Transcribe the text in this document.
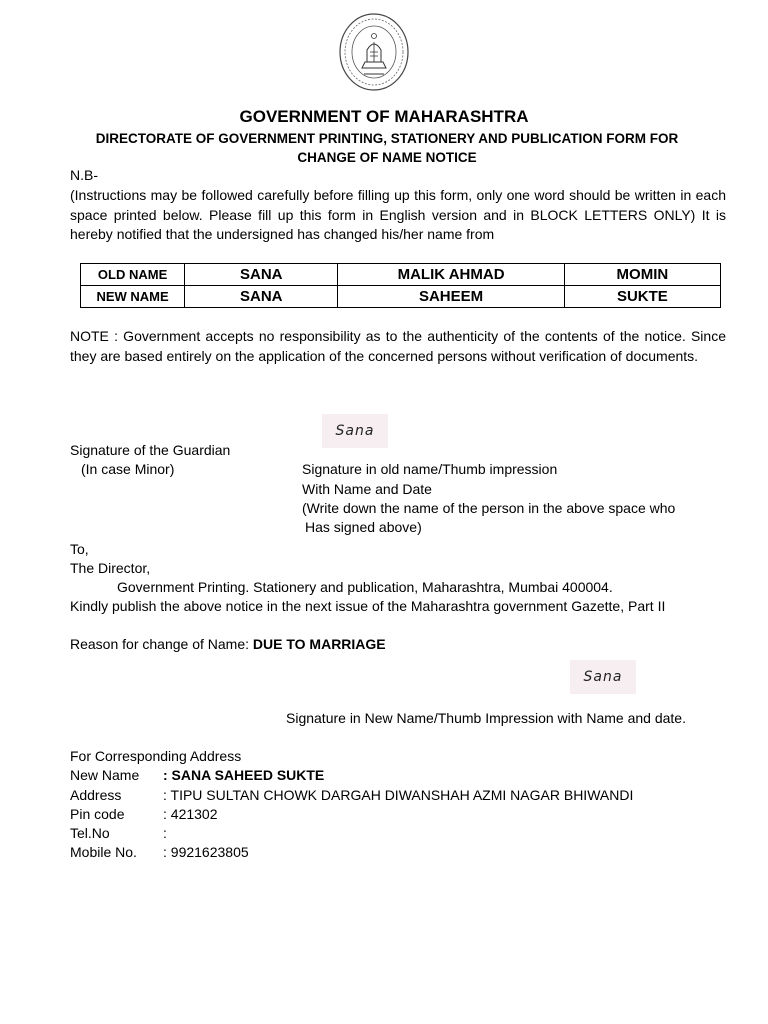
GOVERNMENT OF MAHARASHTRA
DIRECTORATE OF GOVERNMENT PRINTING, STATIONERY AND PUBLICATION FORM FOR CHANGE OF NAME NOTICE
N.B-
(Instructions may be followed carefully before filling up this form, only one word should be written in each space printed below. Please fill up this form in English version and in BLOCK LETTERS ONLY) It is hereby notified that the undersigned has changed his/her name from
OLD NAME	SANA	MALIK AHMAD	MOMIN
NEW NAME	SANA	SAHEEM	SUKTE
NOTE : Government accepts no responsibility as to the authenticity of the contents of the notice. Since they are based entirely on the application of the concerned persons without verification of documents.
Sana
Signature of the Guardian
(In case Minor)	Signature in old name/Thumb impression
With Name and Date
(Write down the name of the person in the above space who
Has signed above)
To,
The Director,
Government Printing. Stationery and publication, Maharashtra, Mumbai 400004.
Kindly publish the above notice in the next issue of the Maharashtra government Gazette, Part II
Reason for change of Name: DUE TO MARRIAGE
Sana
Signature in New Name/Thumb Impression with Name and date.
For Corresponding Address
New Name : SANA SAHEED SUKTE
Address	: TIPU SULTAN CHOWK DARGAH DIWANSHAH AZMI NAGAR BHIWANDI
Pin code	: 421302
Tel.No	:
Mobile No. : 9921623805
